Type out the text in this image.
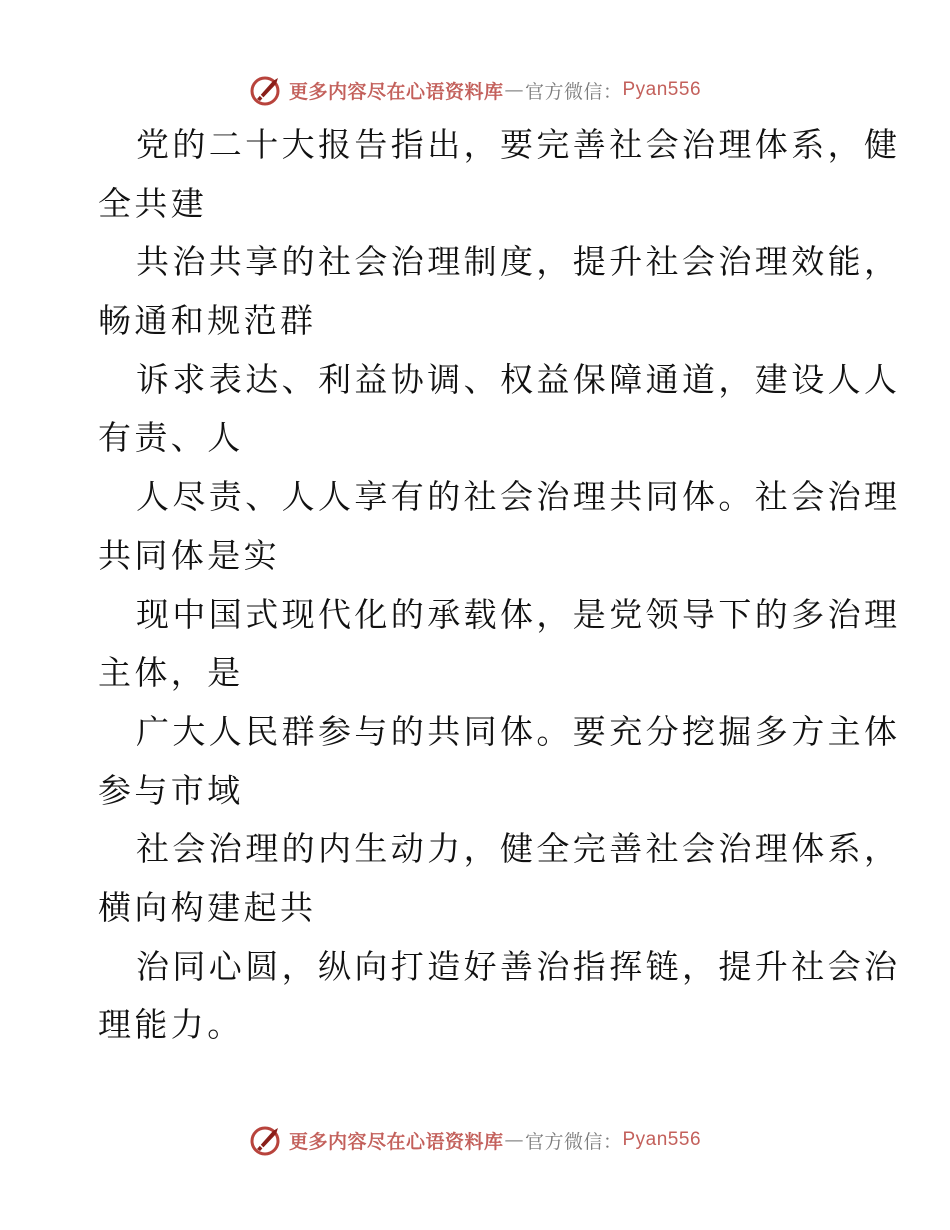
更多内容尽在心语资料库 — 官方微信： Pyan556
党的二十大报告指出，要完善社会治理体系，健
全共建
共治共享的社会治理制度，提升社会治理效能，
畅通和规范群
诉求表达、利益协调、权益保障通道，建设人人
有责、人
人尽责、人人享有的社会治理共同体。社会治理
共同体是实
现中国式现代化的承载体，是党领导下的多治理
主体，是
广大人民群参与的共同体。要充分挖掘多方主体
参与市域
社会治理的内生动力，健全完善社会治理体系，
横向构建起共
治同心圆，纵向打造好善治指挥链，提升社会治
理能力。
更多内容尽在心语资料库 — 官方微信： Pyan556
